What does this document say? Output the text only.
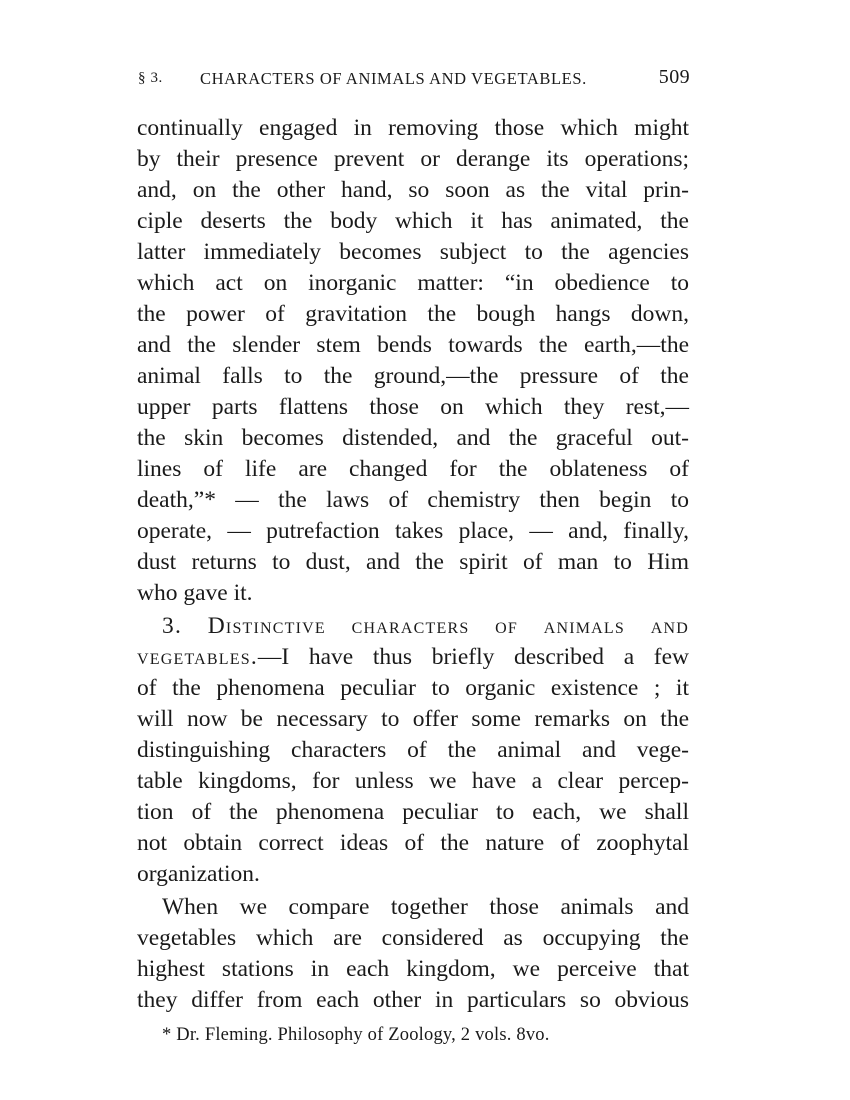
§ 3. CHARACTERS OF ANIMALS AND VEGETABLES.	509
continually engaged in removing those which might
by their presence prevent or derange its operations;
and, on the other hand, so soon as the vital prin-
ciple deserts the body which it has animated, the
latter immediately becomes subject to the agencies
which act on inorganic matter: “in obedience to
the power of gravitation the bough hangs down,
and the slender stem bends towards the earth,—the
animal falls to the ground,—the pressure of the
upper parts flattens those on which they rest,—
the skin becomes distended, and the graceful out-
lines of life are changed for the oblateness of
death,”* — the laws of chemistry then begin to
operate, — putrefaction takes place, — and, finally,
dust returns to dust, and the spirit of man to Him
who gave it.
3. Distinctive characters of animals and
vegetables.—I have thus briefly described a few
of the phenomena peculiar to organic existence ; it
will now be necessary to offer some remarks on the
distinguishing characters of the animal and vege-
table kingdoms, for unless we have a clear percep-
tion of the phenomena peculiar to each, we shall
not obtain correct ideas of the nature of zoophytal
organization.
When we compare together those animals and
vegetables which are considered as occupying the
highest stations in each kingdom, we perceive that
they differ from each other in particulars so obvious
* Dr. Fleming. Philosophy of Zoology, 2 vols. 8vo.
